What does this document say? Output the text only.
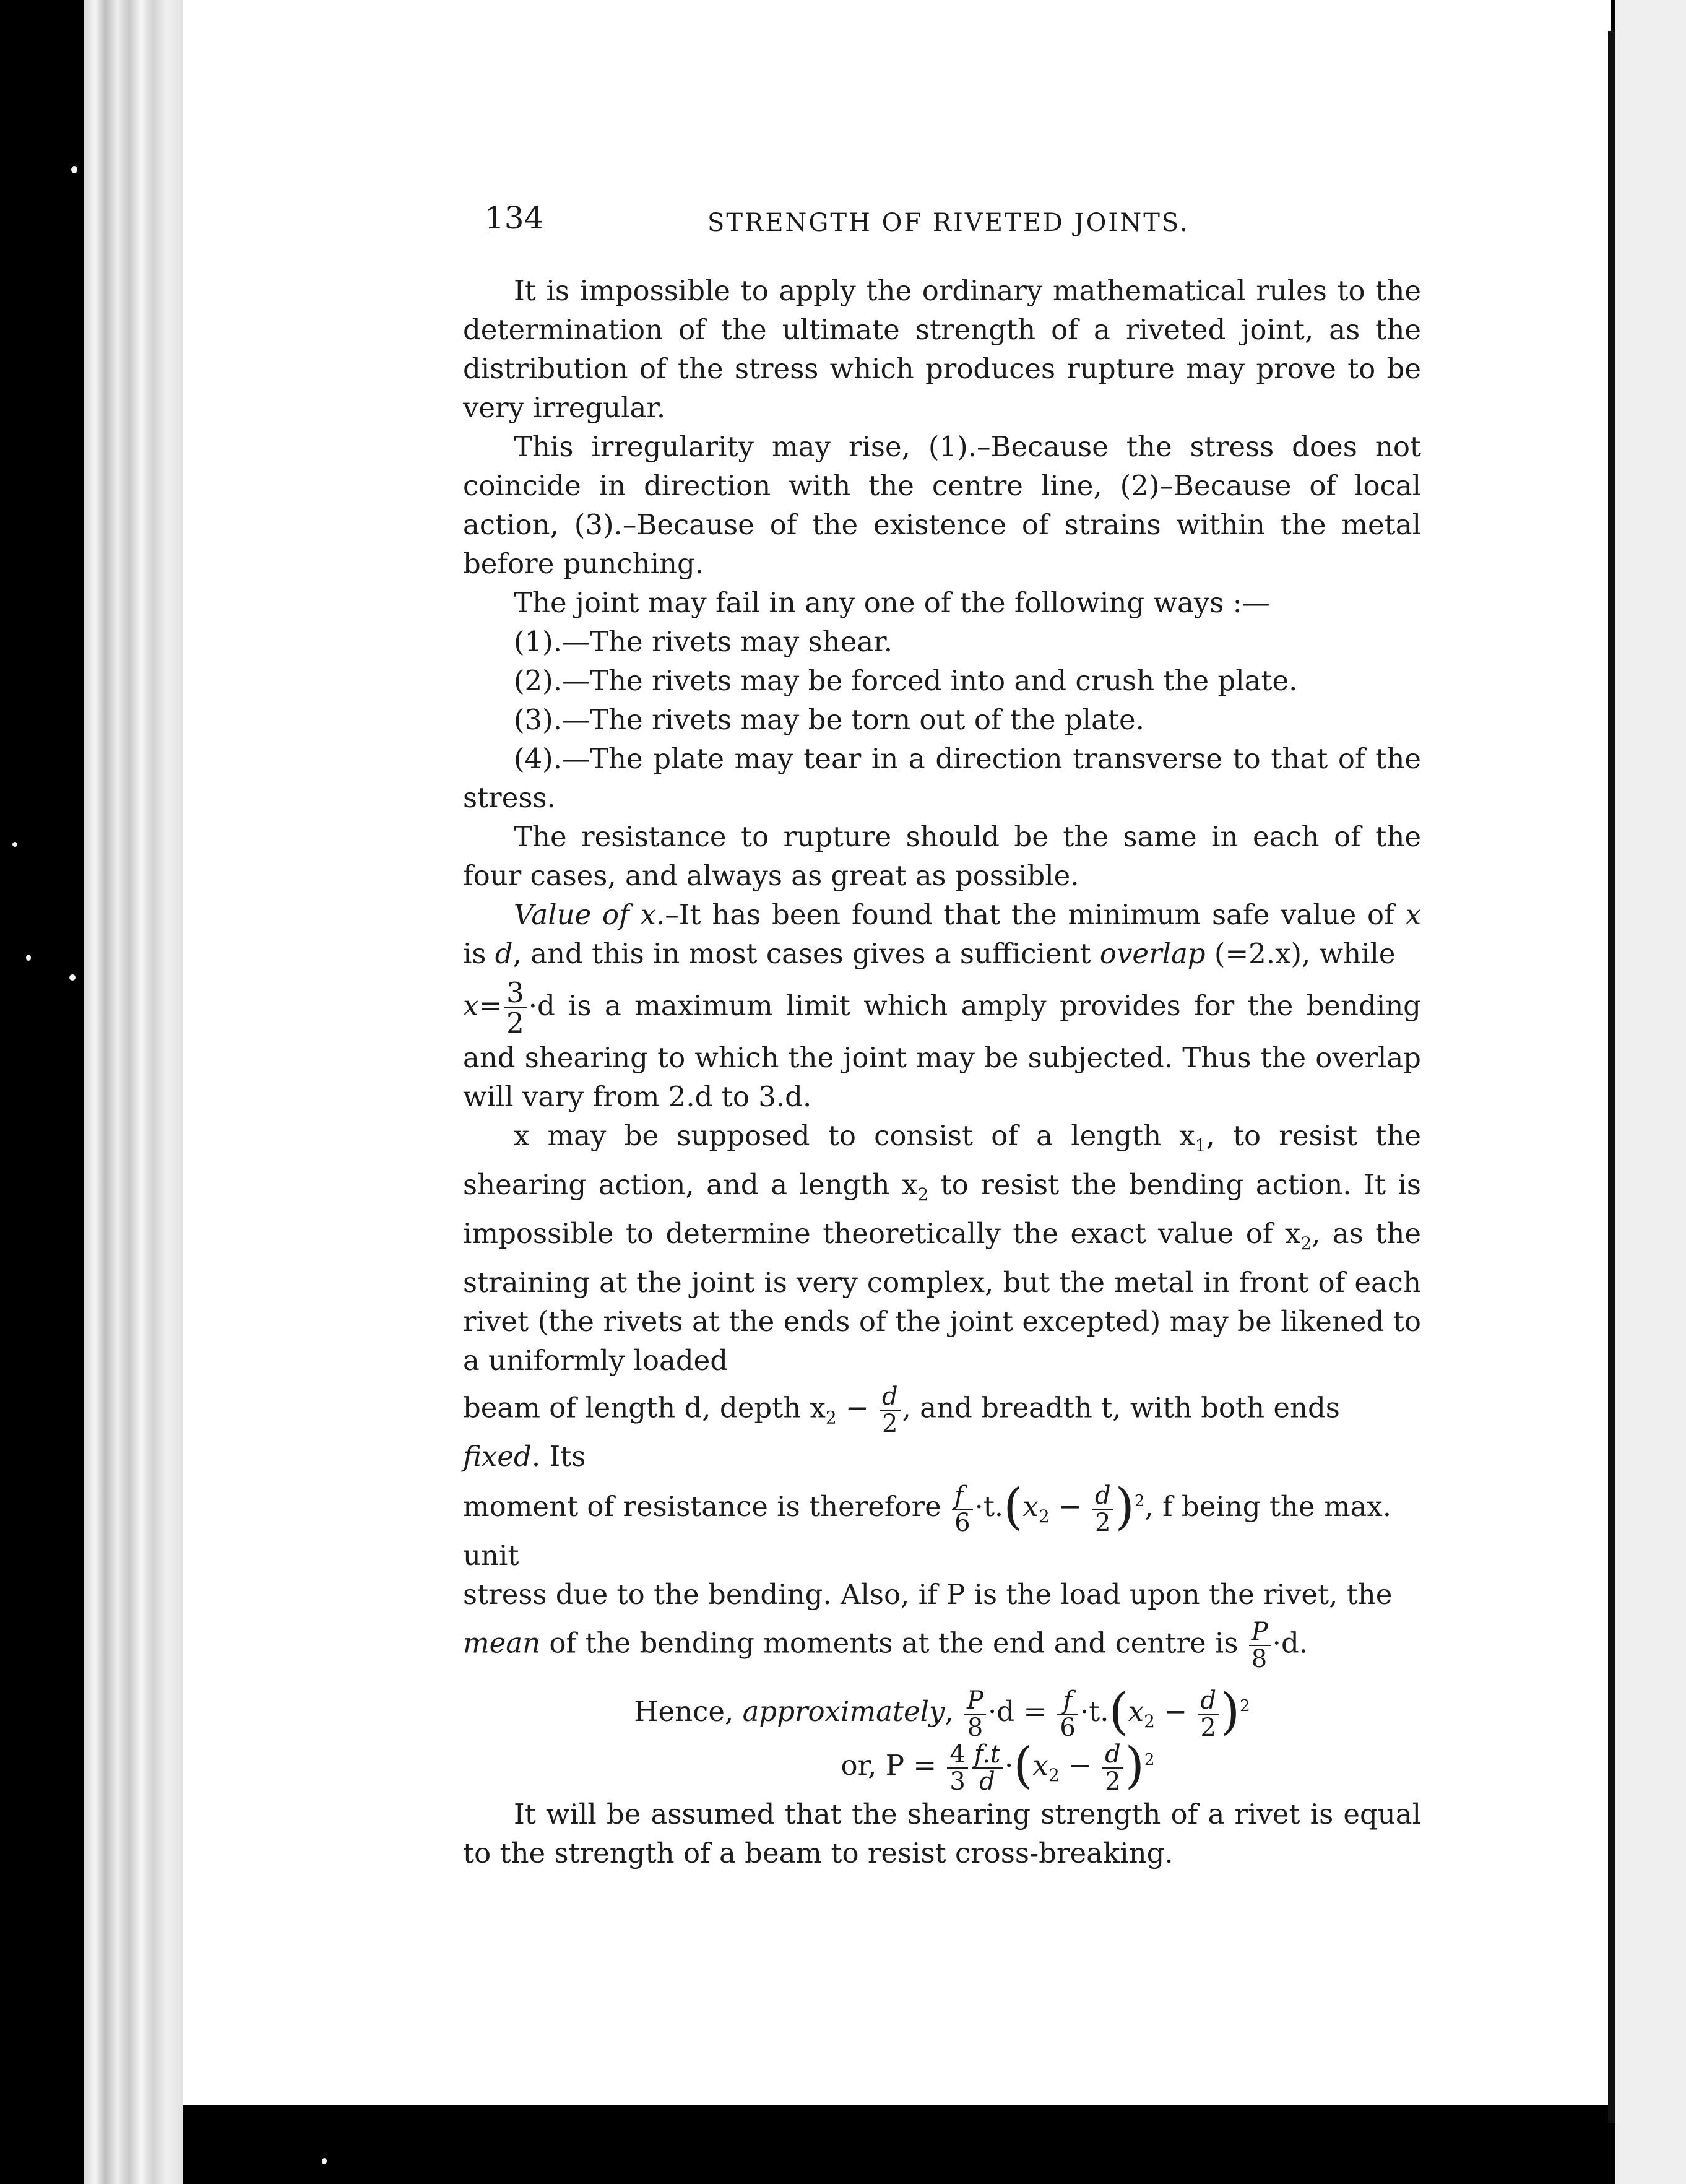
134	STRENGTH OF RIVETED JOINTS.

It is impossible to apply the ordinary mathematical rules to the determination of the ultimate strength of a riveted joint, as the distribution of the stress which produces rupture may prove to be very irregular.

This irregularity may rise, (1).–Because the stress does not coincide in direction with the centre line, (2)–Because of local action, (3).–Because of the existence of strains within the metal before punching.

The joint may fail in any one of the following ways :—

(1).—The rivets may shear.

(2).—The rivets may be forced into and crush the plate.

(3).—The rivets may be torn out of the plate.

(4).—The plate may tear in a direction transverse to that of the stress.

The resistance to rupture should be the same in each of the four cases, and always as great as possible.

Value of x.–It has been found that the minimum safe value of x is d, and this in most cases gives a sufficient overlap (=2.x), while

$x= \frac{3}{2} \cdot d$ is a maximum limit which amply provides for the bending and shearing to which the joint may be subjected. Thus the overlap will vary from 2.d to 3.d.

x may be supposed to consist of a length $x_1$, to resist the shearing action, and a length $x_2$ to resist the bending action. It is impossible to determine theoretically the exact value of $x_2$, as the straining at the joint is very complex, but the metal in front of each rivet (the rivets at the ends of the joint excepted) may be likened to a uniformly loaded

beam of length d, depth $x_2 - \frac{d}{2}$ , and breadth t, with both ends fixed. Its

moment of resistance is therefore $\frac{f}{6} \cdot t.(x_2 - \frac{d}{2} )^2$, f being the max. unit

stress due to the bending. Also, if P is the load upon the rivet, the

mean of the bending moments at the end and centre is $\frac{P}{8} \cdot d$.

Hence, approximately, $\frac{P}{8} \cdot d = \frac{f}{6} \cdot t.(x_2 - \frac{d}{2} )^2$

or, $P = \frac{4}{3} \frac{f.t}{d} \cdot(x_2 - \frac{d}{2} )^2$

It will be assumed that the shearing strength of a rivet is equal to the strength of a beam to resist cross-breaking.
